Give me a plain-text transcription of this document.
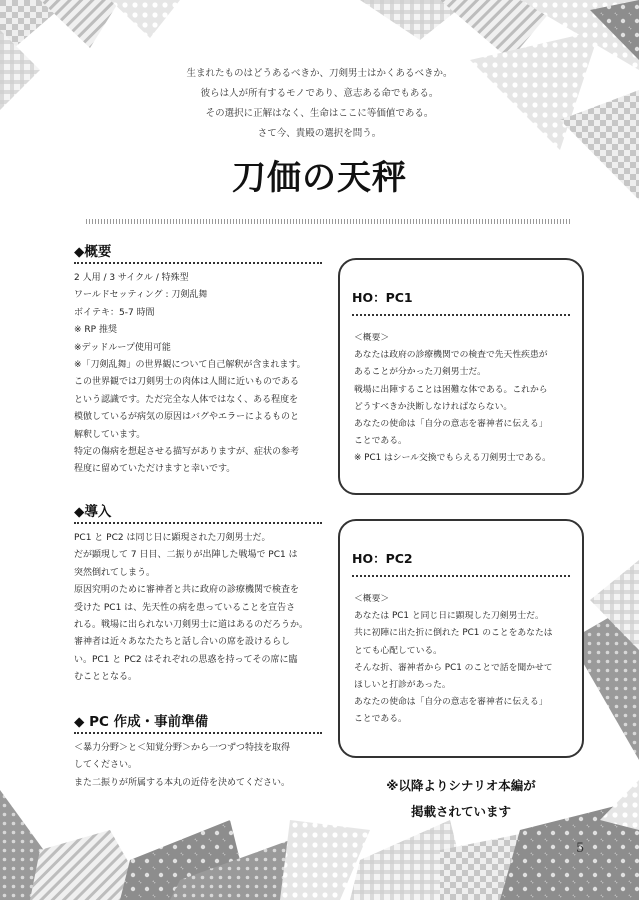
生まれたものはどうあるべきか、刀剣男士はかくあるべきか。
彼らは人が所有するモノであり、意志ある命でもある。
その選択に正解はなく、生命はここに等価値である。
さて今、貴殿の選択を問う。
刀価の天秤
◆概要

2 人用 / 3 サイクル / 特殊型

ワールドセッティング : 刀剣乱舞

ボイテキ：5-7 時間

※ RP 推奨

※デッドループ使用可能

※「刀剣乱舞」の世界観について自己解釈が含まれます。

この世界観では刀剣男士の肉体は人間に近いものである

という認識です。ただ完全な人体ではなく、ある程度を

模倣しているが病気の原因はバグやエラーによるものと

解釈しています。

特定の傷病を想起させる描写がありますが、症状の参考

程度に留めていただけますと幸いです。

◆導入

PC1 と PC2 は同じ日に顕現された刀剣男士だ。

だが顕現して 7 日目、二振りが出陣した戦場で PC1 は

突然倒れてしまう。

原因究明のために審神者と共に政府の診療機関で検査を

受けた PC1 は、先天性の病を患っていることを宣告さ

れる。戦場に出られない刀剣男士に道はあるのだろうか。

審神者は近々あなたたちと話し合いの席を設けるらし

い。PC1 と PC2 はそれぞれの思惑を持ってその席に臨

むこととなる。

◆ PC 作成・事前準備

＜暴力分野＞と＜知覚分野＞から一つずつ特技を取得

してください。

また二振りが所属する本丸の近侍を決めてください。

HO：PC1

＜概要＞
あなたは政府の診療機関での検査で先天性疾患が
あることが分かった刀剣男士だ。
戦場に出陣することは困難な体である。これから
どうすべきか決断しなければならない。
あなたの使命は「自分の意志を審神者に伝える」
ことである。
※ PC1 はシール交換でもらえる刀剣男士である。

HO：PC2

＜概要＞
あなたは PC1 と同じ日に顕現した刀剣男士だ。
共に初陣に出た折に倒れた PC1 のことをあなたは
とても心配している。
そんな折、審神者から PC1 のことで話を聞かせて
ほしいと打診があった。
あなたの使命は「自分の意志を審神者に伝える」
ことである。

※以降よりシナリオ本編が
掲載されています
5
